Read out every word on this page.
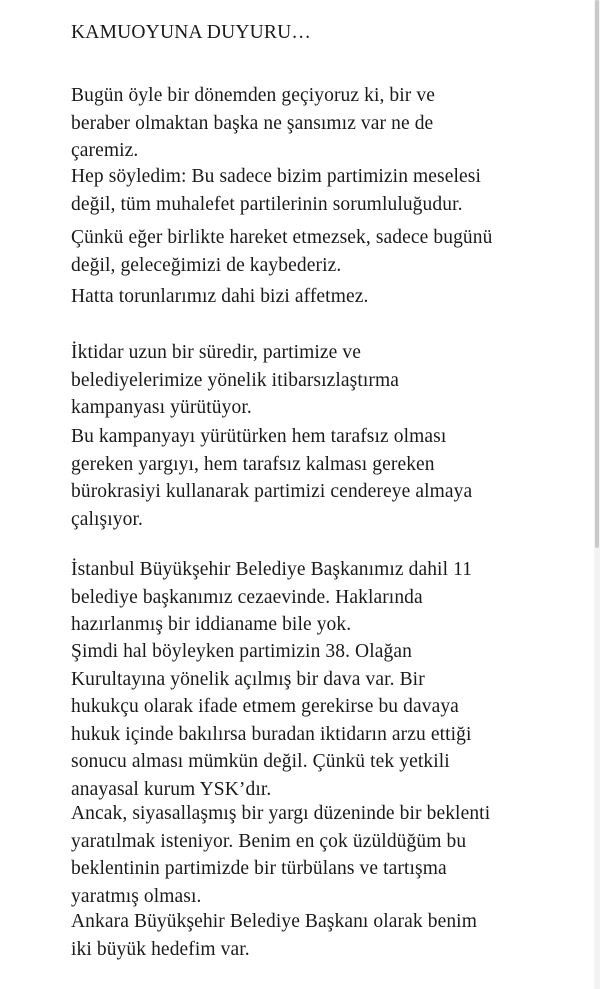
KAMUOYUNA DUYURU…

Bugün öyle bir dönemden geçiyoruz ki, bir ve
beraber olmaktan başka ne şansımız var ne de
çaremiz.

Hep söyledim: Bu sadece bizim partimizin meselesi
değil, tüm muhalefet partilerinin sorumluluğudur.

Çünkü eğer birlikte hareket etmezsek, sadece bugünü
değil, geleceğimizi de kaybederiz.

Hatta torunlarımız dahi bizi affetmez.

İktidar uzun bir süredir, partimize ve
belediyelerimize yönelik itibarsızlaştırma
kampanyası yürütüyor.

Bu kampanyayı yürütürken hem tarafsız olması
gereken yargıyı, hem tarafsız kalması gereken
bürokrasiyi kullanarak partimizi cendereye almaya
çalışıyor.

İstanbul Büyükşehir Belediye Başkanımız dahil 11
belediye başkanımız cezaevinde. Haklarında
hazırlanmış bir iddianame bile yok.

Şimdi hal böyleyken partimizin 38. Olağan
Kurultayına yönelik açılmış bir dava var. Bir
hukukçu olarak ifade etmem gerekirse bu davaya
hukuk içinde bakılırsa buradan iktidarın arzu ettiği
sonucu alması mümkün değil. Çünkü tek yetkili
anayasal kurum YSK’dır.

Ancak, siyasallaşmış bir yargı düzeninde bir beklenti
yaratılmak isteniyor. Benim en çok üzüldüğüm bu
beklentinin partimizde bir türbülans ve tartışma
yaratmış olması.

Ankara Büyükşehir Belediye Başkanı olarak benim
iki büyük hedefim var.
